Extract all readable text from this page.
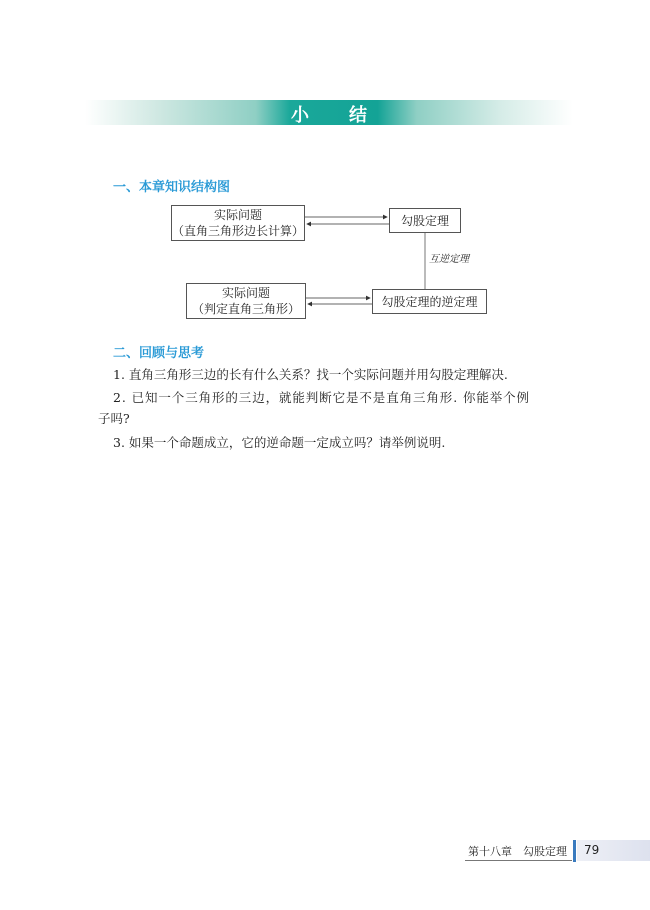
小结
一、本章知识结构图
实际问题
（直角三角形边长计算）
勾股定理
互逆定理
实际问题
（判定直角三角形）
勾股定理的逆定理
二、回顾与思考
1. 直角三角形三边的长有什么关系？找一个实际问题并用勾股定理解决.
2. 已知一个三角形的三边，就能判断它是不是直角三角形. 你能举个例
子吗?
3. 如果一个命题成立，它的逆命题一定成立吗？请举例说明.
第十八章　勾股定理 79
